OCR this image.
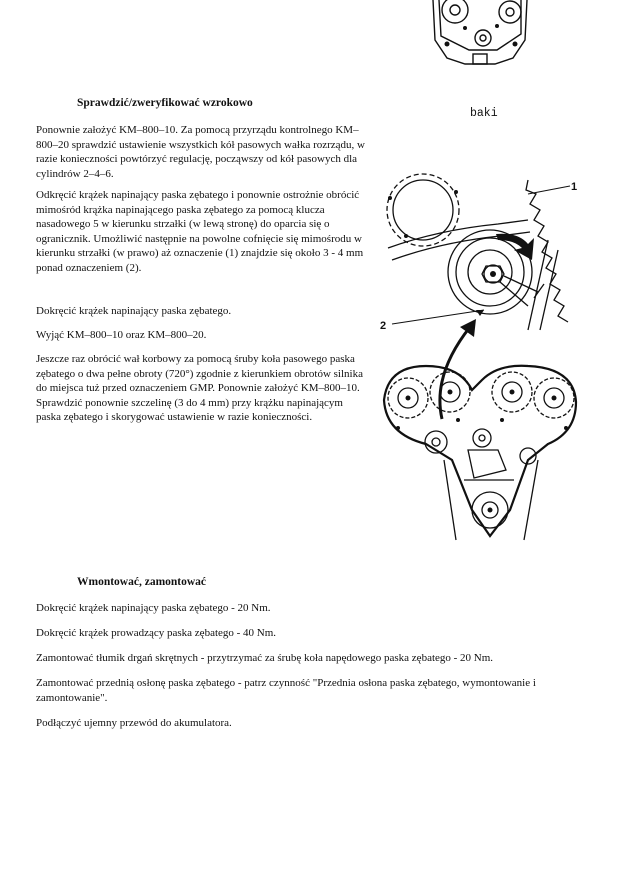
Sprawdzić/zweryfikować wzrokowo

Ponownie założyć KM–800–10. Za pomocą przyrządu kontrolnego KM–800–20 sprawdzić ustawienie wszystkich kół pasowych wałka rozrządu, w razie konieczności powtórzyć regulację, począwszy od kół pasowych dla cylindrów 2–4–6.

Odkręcić krążek napinający paska zębatego i ponownie ostrożnie obrócić mimośród krążka napinającego paska zębatego za pomocą klucza nasadowego 5 w kierunku strzałki (w lewą stronę) do oparcia się o ogranicznik. Umożliwić następnie na powolne cofnięcie się mimośrodu w kierunku strzałki (w prawo) aż oznaczenie (1) znajdzie się około 3 - 4 mm ponad oznaczeniem (2).

Dokręcić krążek napinający paska zębatego.

Wyjąć KM–800–10 oraz KM–800–20.

Jeszcze raz obrócić wał korbowy za pomocą śruby koła pasowego paska zębatego o dwa pełne obroty (720°) zgodnie z kierunkiem obrotów silnika do miejsca tuż przed oznaczeniem GMP. Ponownie założyć KM–800–10. Sprawdzić ponownie szczelinę (3 do 4 mm) przy krążku napinającym paska zębatego i skorygować ustawienie w razie konieczności.

baki
1
2
Wmontować, zamontować

Dokręcić krążek napinający paska zębatego - 20 Nm.

Dokręcić krążek prowadzący paska zębatego - 40 Nm.

Zamontować tłumik drgań skrętnych - przytrzymać za śrubę koła napędowego paska zębatego - 20 Nm.

Zamontować przednią osłonę paska zębatego - patrz czynność "Przednia osłona paska zębatego, wymontowanie i zamontowanie".

Podłączyć ujemny przewód do akumulatora.
